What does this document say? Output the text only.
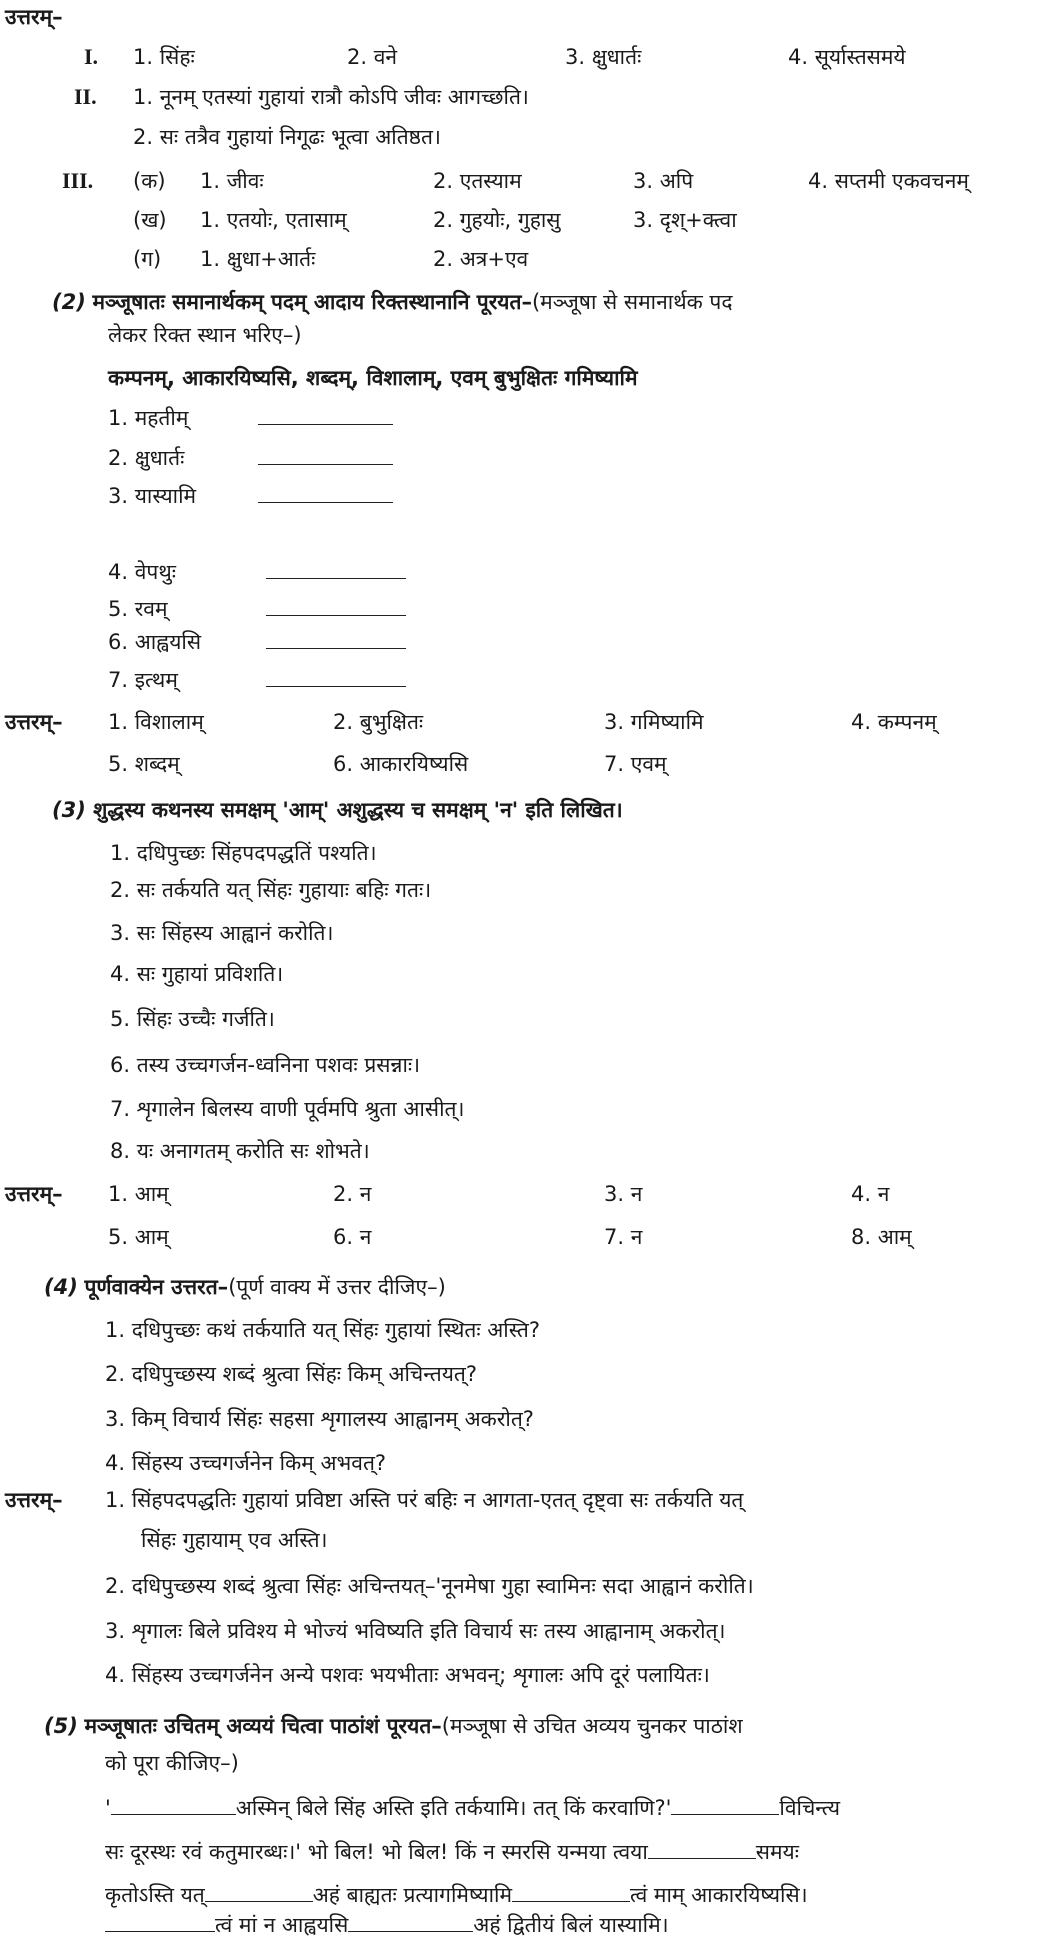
उत्तरम्–
I. 1. सिंहः	2. वने	3. क्षुधार्तः	4. सूर्यास्तसमये
II. 1. नूनम् एतस्यां गुहायां रात्रौ कोऽपि जीवः आगच्छति।
2. सः तत्रैव गुहायां निगूढः भूत्वा अतिष्ठत।
III. (क) 1. जीवः	2. एतस्याम	3. अपि	4. सप्तमी एकवचनम्
(ख) 1. एतयोः, एतासाम्	2. गुहयोः, गुहासु	3. दृश्+क्त्वा
(ग) 1. क्षुधा+आर्तः	2. अत्र+एव
(2) मञ्जूषातः समानार्थकम् पदम् आदाय रिक्तस्थानानि पूरयत–(मञ्जूषा से समानार्थक पद
लेकर रिक्त स्थान भरिए–)
कम्पनम्, आकारयिष्यसि, शब्दम्, विशालाम्, एवम् बुभुक्षितः गमिष्यामि
1. महतीम्
2. क्षुधार्तः
3. यास्यामि
4. वेपथुः
5. रवम्
6. आह्वयसि
7. इत्थम्
उत्तरम्– 1. विशालाम्	2. बुभुक्षितः	3. गमिष्यामि	4. कम्पनम्
5. शब्दम्	6. आकारयिष्यसि	7. एवम्
(3) शुद्धस्य कथनस्य समक्षम् 'आम्' अशुद्धस्य च समक्षम् 'न' इति लिखित।
1. दधिपुच्छः सिंहपदपद्धतिं पश्यति।
2. सः तर्कयति यत् सिंहः गुहायाः बहिः गतः।
3. सः सिंहस्य आह्वानं करोति।
4. सः गुहायां प्रविशति।
5. सिंहः उच्चैः गर्जति।
6. तस्य उच्चगर्जन-ध्वनिना पशवः प्रसन्नाः।
7. शृगालेन बिलस्य वाणी पूर्वमपि श्रुता आसीत्।
8. यः अनागतम् करोति सः शोभते।
उत्तरम्– 1. आम्	2. न	3. न	4. न
5. आम्	6. न	7. न	8. आम्
(4) पूर्णवाक्येन उत्तरत–(पूर्ण वाक्य में उत्तर दीजिए–)
1. दधिपुच्छः कथं तर्कयाति यत् सिंहः गुहायां स्थितः अस्ति?
2. दधिपुच्छस्य शब्दं श्रुत्वा सिंहः किम् अचिन्तयत्?
3. किम् विचार्य सिंहः सहसा शृगालस्य आह्वानम् अकरोत्?
4. सिंहस्य उच्चगर्जनेन किम् अभवत्?
उत्तरम्– 1. सिंहपदपद्धतिः गुहायां प्रविष्टा अस्ति परं बहिः न आगता-एतत् दृष्ट्वा सः तर्कयति यत्
सिंहः गुहायाम् एव अस्ति।
2. दधिपुच्छस्य शब्दं श्रुत्वा सिंहः अचिन्तयत्–'नूनमेषा गुहा स्वामिनः सदा आह्वानं करोति।
3. शृगालः बिले प्रविश्य मे भोज्यं भविष्यति इति विचार्य सः तस्य आह्वानाम् अकरोत्।
4. सिंहस्य उच्चगर्जनेन अन्ये पशवः भयभीताः अभवन्; शृगालः अपि दूरं पलायितः।
(5) मञ्जूषातः उचितम् अव्ययं चित्वा पाठांशं पूरयत–(मञ्जूषा से उचित अव्यय चुनकर पाठांश
को पूरा कीजिए–)
'	अस्मिन् बिले सिंह अस्ति इति तर्कयामि। तत् किं करवाणि?'	विचिन्त्य
सः दूरस्थः रवं कतुमारब्धः।' भो बिल! भो बिल! किं न स्मरसि यन्मया त्वया	समयः
कृतोऽस्ति यत्	अहं बाह्यतः प्रत्यागमिष्यामि	त्वं माम् आकारयिष्यसि।
त्वं मां न आह्वयसि	अहं द्वितीयं बिलं यास्यामि।
